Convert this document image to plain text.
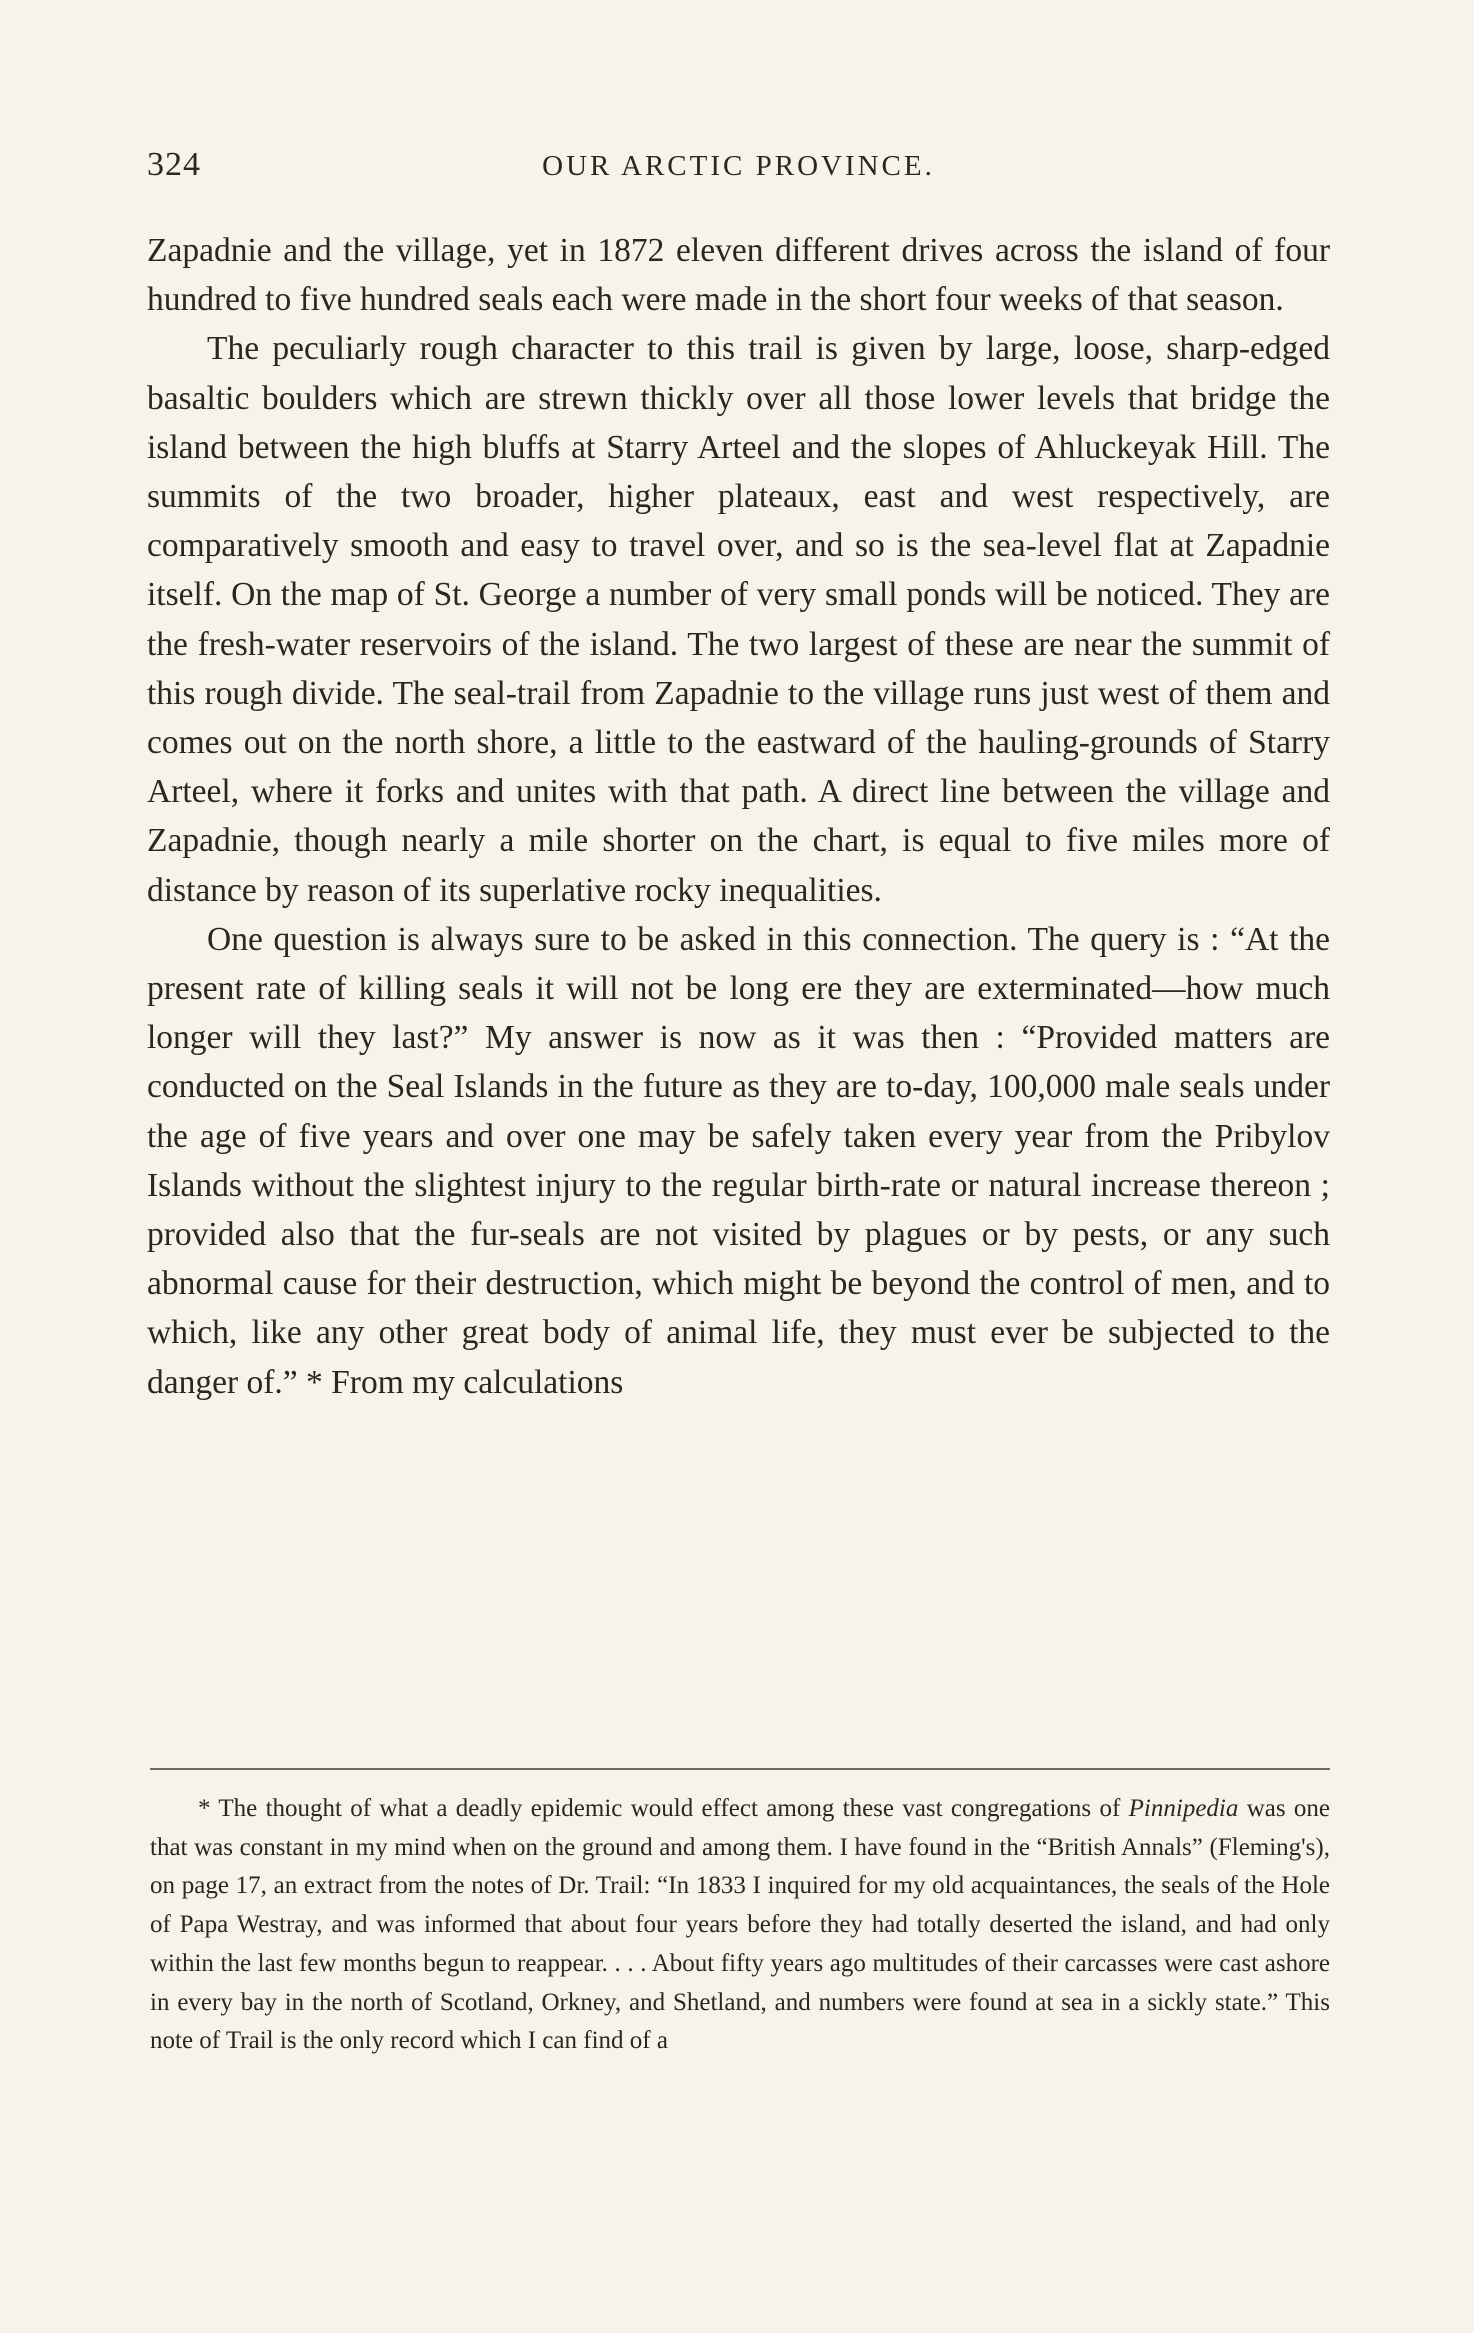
324	OUR ARCTIC PROVINCE.

Zapadnie and the village, yet in 1872 eleven different drives across the island of four hundred to five hundred seals each were made in the short four weeks of that season.

The peculiarly rough character to this trail is given by large, loose, sharp-edged basaltic boulders which are strewn thickly over all those lower levels that bridge the island between the high bluffs at Starry Arteel and the slopes of Ahluckeyak Hill. The summits of the two broader, higher plateaux, east and west respectively, are comparatively smooth and easy to travel over, and so is the sea-level flat at Zapadnie itself. On the map of St. George a number of very small ponds will be noticed. They are the fresh-water reservoirs of the island. The two largest of these are near the summit of this rough divide. The seal-trail from Zapadnie to the village runs just west of them and comes out on the north shore, a little to the eastward of the hauling-grounds of Starry Arteel, where it forks and unites with that path. A direct line between the village and Zapadnie, though nearly a mile shorter on the chart, is equal to five miles more of distance by reason of its superlative rocky inequalities.

One question is always sure to be asked in this connection. The query is : “At the present rate of killing seals it will not be long ere they are exterminated—how much longer will they last?” My answer is now as it was then : “Provided matters are conducted on the Seal Islands in the future as they are to-day, 100,000 male seals under the age of five years and over one may be safely taken every year from the Pribylov Islands without the slightest injury to the regular birth-rate or natural increase thereon ; provided also that the fur-seals are not visited by plagues or by pests, or any such abnormal cause for their destruction, which might be beyond the control of men, and to which, like any other great body of animal life, they must ever be subjected to the danger of.” * From my calculations

* The thought of what a deadly epidemic would effect among these vast congregations of Pinnipedia was one that was constant in my mind when on the ground and among them. I have found in the “British Annals” (Fleming's), on page 17, an extract from the notes of Dr. Trail: “In 1833 I inquired for my old acquaintances, the seals of the Hole of Papa Westray, and was informed that about four years before they had totally deserted the island, and had only within the last few months begun to reappear. . . . About fifty years ago multitudes of their carcasses were cast ashore in every bay in the north of Scotland, Orkney, and Shetland, and numbers were found at sea in a sickly state.” This note of Trail is the only record which I can find of a
